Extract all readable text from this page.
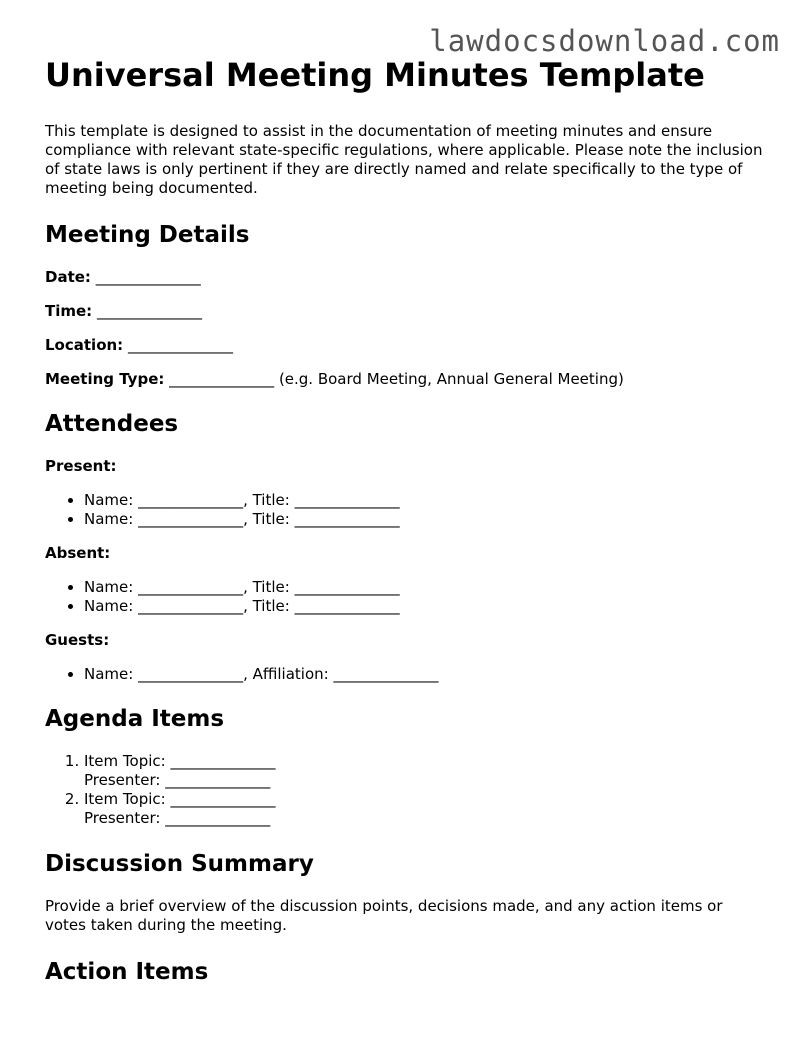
lawdocsdownload.com
Universal Meeting Minutes Template

This template is designed to assist in the documentation of meeting minutes and ensure compliance with relevant state-specific regulations, where applicable. Please note the inclusion of state laws is only pertinent if they are directly named and relate specifically to the type of meeting being documented.

Meeting Details
Date: ______________
Time: ______________
Location: ______________
Meeting Type: ______________ (e.g. Board Meeting, Annual General Meeting)
Attendees
Present:
• Name: ______________, Title: ______________
• Name: ______________, Title: ______________
Absent:
• Name: ______________, Title: ______________
• Name: ______________, Title: ______________
Guests:
• Name: ______________, Affiliation: ______________
Agenda Items
1. Item Topic: ______________
Presenter: ______________
2. Item Topic: ______________
Presenter: ______________
Discussion Summary

Provide a brief overview of the discussion points, decisions made, and any action items or votes taken during the meeting.

Action Items
